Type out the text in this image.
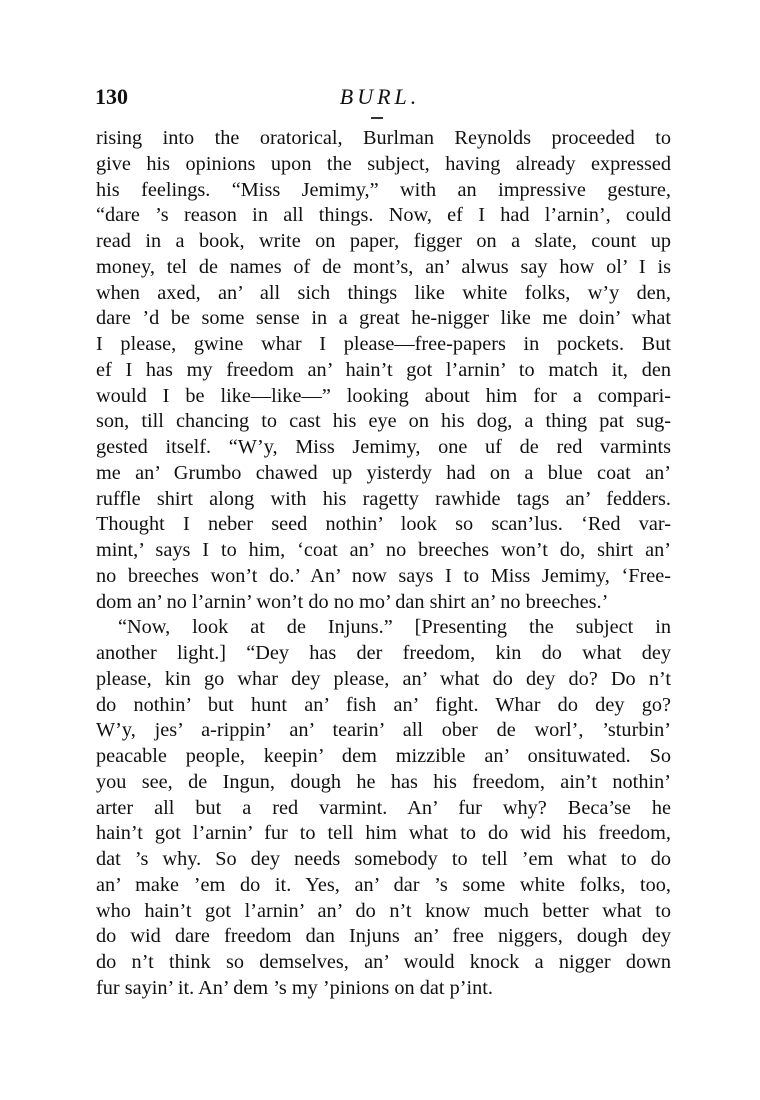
130	BURL.
rising into the oratorical, Burlman Reynolds proceeded to
give his opinions upon the subject, having already expressed
his feelings. “Miss Jemimy,” with an impressive gesture,
“dare ’s reason in all things. Now, ef I had l’arnin’, could
read in a book, write on paper, figger on a slate, count up
money, tel de names of de mont’s, an’ alwus say how ol’ I is
when axed, an’ all sich things like white folks, w’y den,
dare ’d be some sense in a great he-nigger like me doin’ what
I please, gwine whar I please—free-papers in pockets. But
ef I has my freedom an’ hain’t got l’arnin’ to match it, den
would I be like—like—” looking about him for a compari-
son, till chancing to cast his eye on his dog, a thing pat sug-
gested itself. “W’y, Miss Jemimy, one uf de red varmints
me an’ Grumbo chawed up yisterdy had on a blue coat an’
ruffle shirt along with his ragetty rawhide tags an’ fedders.
Thought I neber seed nothin’ look so scan’lus. ‘Red var-
mint,’ says I to him, ‘coat an’ no breeches won’t do, shirt an’
no breeches won’t do.’ An’ now says I to Miss Jemimy, ‘Free-
dom an’ no l’arnin’ won’t do no mo’ dan shirt an’ no breeches.’
“Now, look at de Injuns.” [Presenting the subject in
another light.] “Dey has der freedom, kin do what dey
please, kin go whar dey please, an’ what do dey do? Do n’t
do nothin’ but hunt an’ fish an’ fight. Whar do dey go?
W’y, jes’ a-rippin’ an’ tearin’ all ober de worl’, ’sturbin’
peacable people, keepin’ dem mizzible an’ onsituwated. So
you see, de Ingun, dough he has his freedom, ain’t nothin’
arter all but a red varmint. An’ fur why? Beca’se he
hain’t got l’arnin’ fur to tell him what to do wid his freedom,
dat ’s why. So dey needs somebody to tell ’em what to do
an’ make ’em do it. Yes, an’ dar ’s some white folks, too,
who hain’t got l’arnin’ an’ do n’t know much better what to
do wid dare freedom dan Injuns an’ free niggers, dough dey
do n’t think so demselves, an’ would knock a nigger down
fur sayin’ it. An’ dem ’s my ’pinions on dat p’int.
